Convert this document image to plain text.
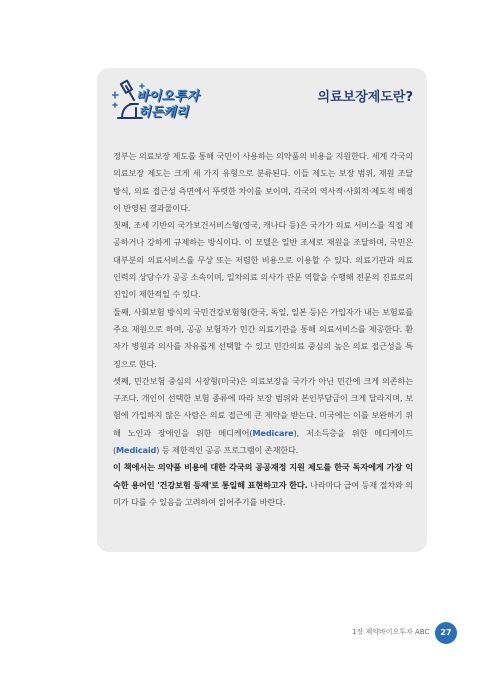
바이오투자
히든캐리
의료보장제도란?

정부는 의료보장 제도를 통해 국민이 사용하는 의약품의 비용을 지원한다. 세계 각국의 의료보장 제도는 크게 세 가지 유형으로 분류된다. 이들 제도는 보장 범위, 재원 조달 방식, 의료 접근성 측면에서 뚜렷한 차이를 보이며, 각국의 역사적·사회적·제도적 배경이 반영된 결과물이다.

첫째, 조세 기반의 국가보건서비스형(영국, 캐나다 등)은 국가가 의료 서비스를 직접 제공하거나 강하게 규제하는 방식이다. 이 모델은 일반 조세로 재원을 조달하며, 국민은 대부분의 의료서비스를 무상 또는 저렴한 비용으로 이용할 수 있다. 의료기관과 의료 인력의 상당수가 공공 소속이며, 일차의료 의사가 관문 역할을 수행해 전문의 진료로의 진입이 제한적일 수 있다.

둘째, 사회보험 방식의 국민건강보험형(한국, 독일, 일본 등)은 가입자가 내는 보험료를 주요 재원으로 하며, 공공 보험자가 민간 의료기관을 통해 의료서비스를 제공한다. 환자가 병원과 의사를 자유롭게 선택할 수 있고 민간의료 중심의 높은 의료 접근성을 특징으로 한다.

셋째, 민간보험 중심의 시장형(미국)은 의료보장을 국가가 아닌 민간에 크게 의존하는 구조다. 개인이 선택한 보험 종류에 따라 보장 범위와 본인부담금이 크게 달라지며, 보험에 가입하지 않은 사람은 의료 접근에 큰 제약을 받는다. 미국에는 이를 보완하기 위해 노인과 장애인을 위한 메디케어(Medicare), 저소득층을 위한 메디케이드(Medicaid) 등 제한적인 공공 프로그램이 존재한다.

이 책에서는 의약품 비용에 대한 각국의 공공재정 지원 제도를 한국 독자에게 가장 익숙한 용어인 '건강보험 등재'로 통일해 표현하고자 한다. 나라마다 급여 등재 절차와 의미가 다를 수 있음을 고려하여 읽어주기를 바란다.

1장 제약바이오투자 ABC	27
